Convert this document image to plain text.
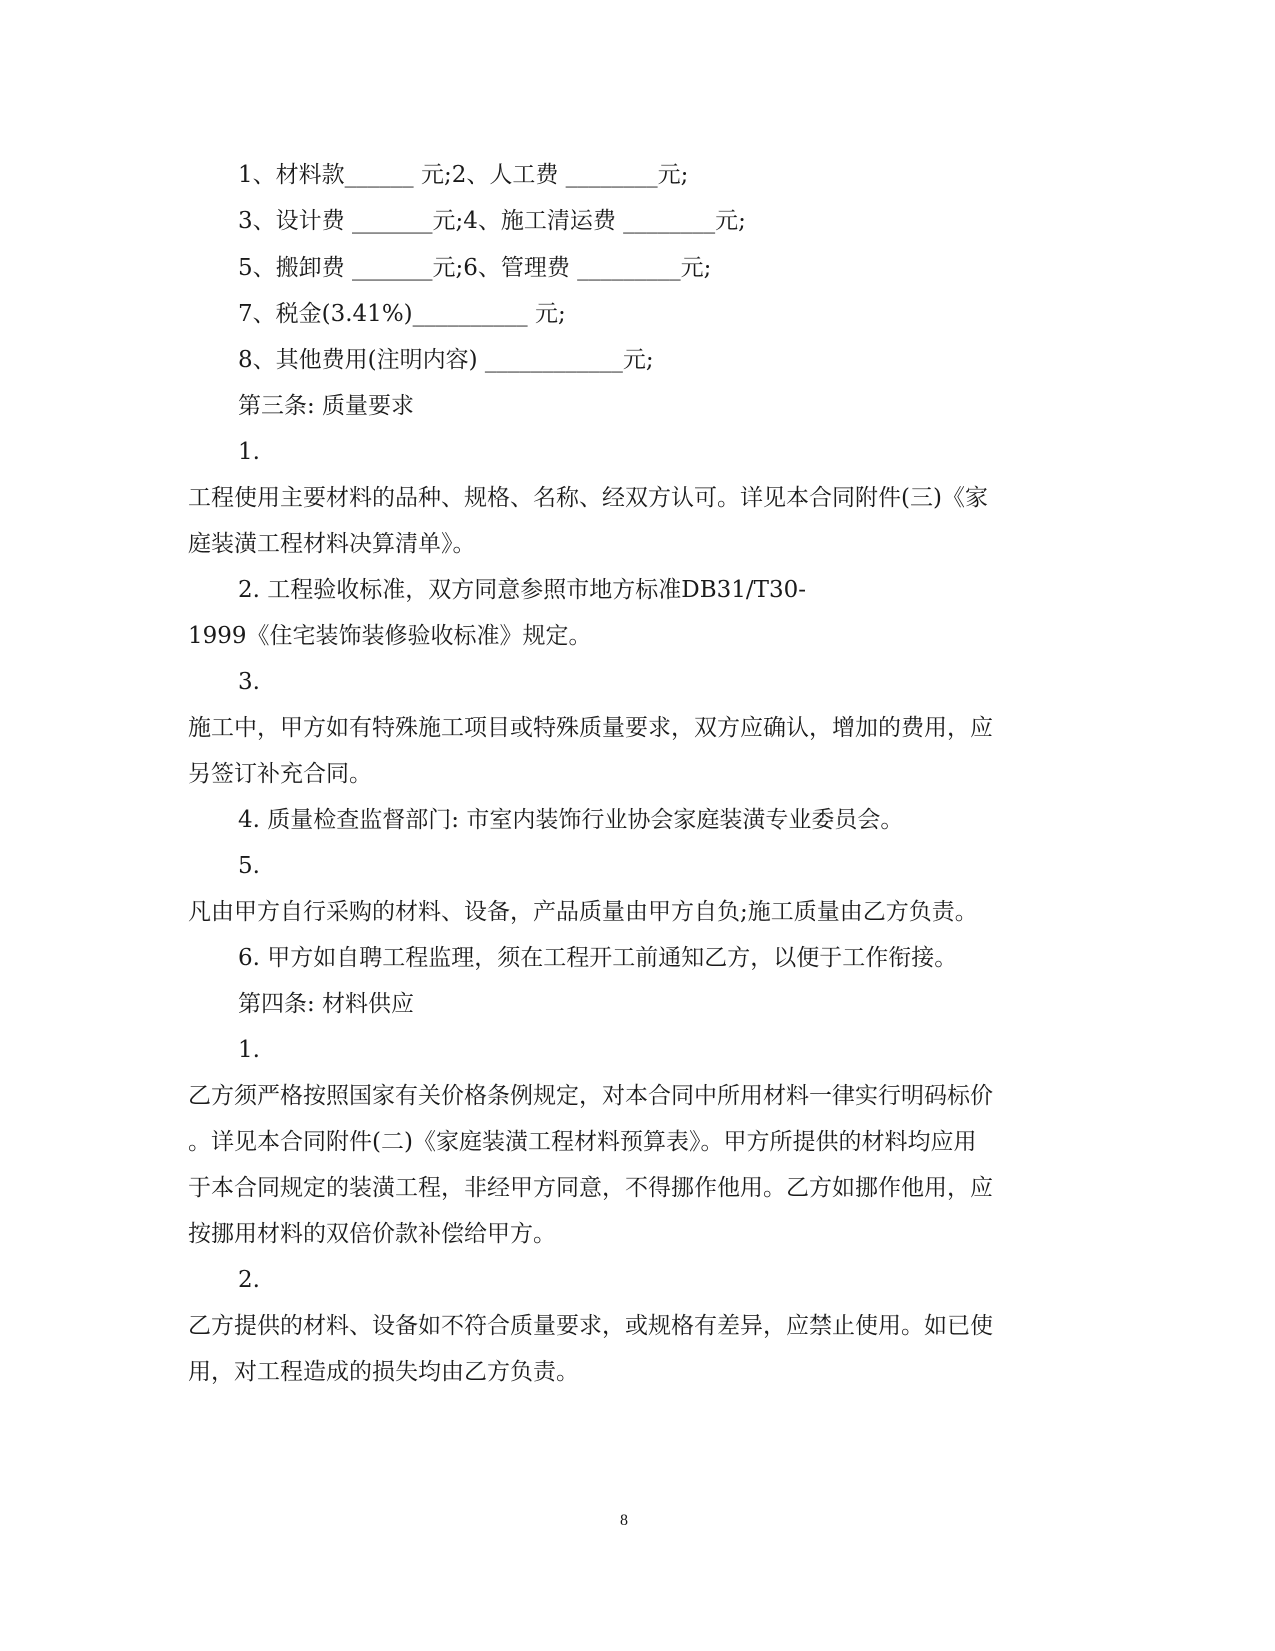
1、材料款______ 元;2、人工费 ________元;
3、设计费 _______元;4、施工清运费 ________元;
5、搬卸费 _______元;6、管理费 _________元;
7、税金(3.41%)__________ 元;
8、其他费用(注明内容) ____________元;
第三条: 质量要求
1.
工程使用主要材料的品种、规格、名称、经双方认可。详见本合同附件(三)《家
庭装潢工程材料决算清单》。
2. 工程验收标准，双方同意参照市地方标准DB31/T30-
1999《住宅装饰装修验收标准》规定。
3.
施工中，甲方如有特殊施工项目或特殊质量要求，双方应确认，增加的费用，应
另签订补充合同。
4. 质量检查监督部门: 市室内装饰行业协会家庭装潢专业委员会。
5.
凡由甲方自行采购的材料、设备，产品质量由甲方自负;施工质量由乙方负责。
6. 甲方如自聘工程监理，须在工程开工前通知乙方，以便于工作衔接。
第四条: 材料供应
1.
乙方须严格按照国家有关价格条例规定，对本合同中所用材料一律实行明码标价
。详见本合同附件(二)《家庭装潢工程材料预算表》。甲方所提供的材料均应用
于本合同规定的装潢工程，非经甲方同意，不得挪作他用。乙方如挪作他用，应
按挪用材料的双倍价款补偿给甲方。
2.
乙方提供的材料、设备如不符合质量要求，或规格有差异，应禁止使用。如已使
用，对工程造成的损失均由乙方负责。
8
